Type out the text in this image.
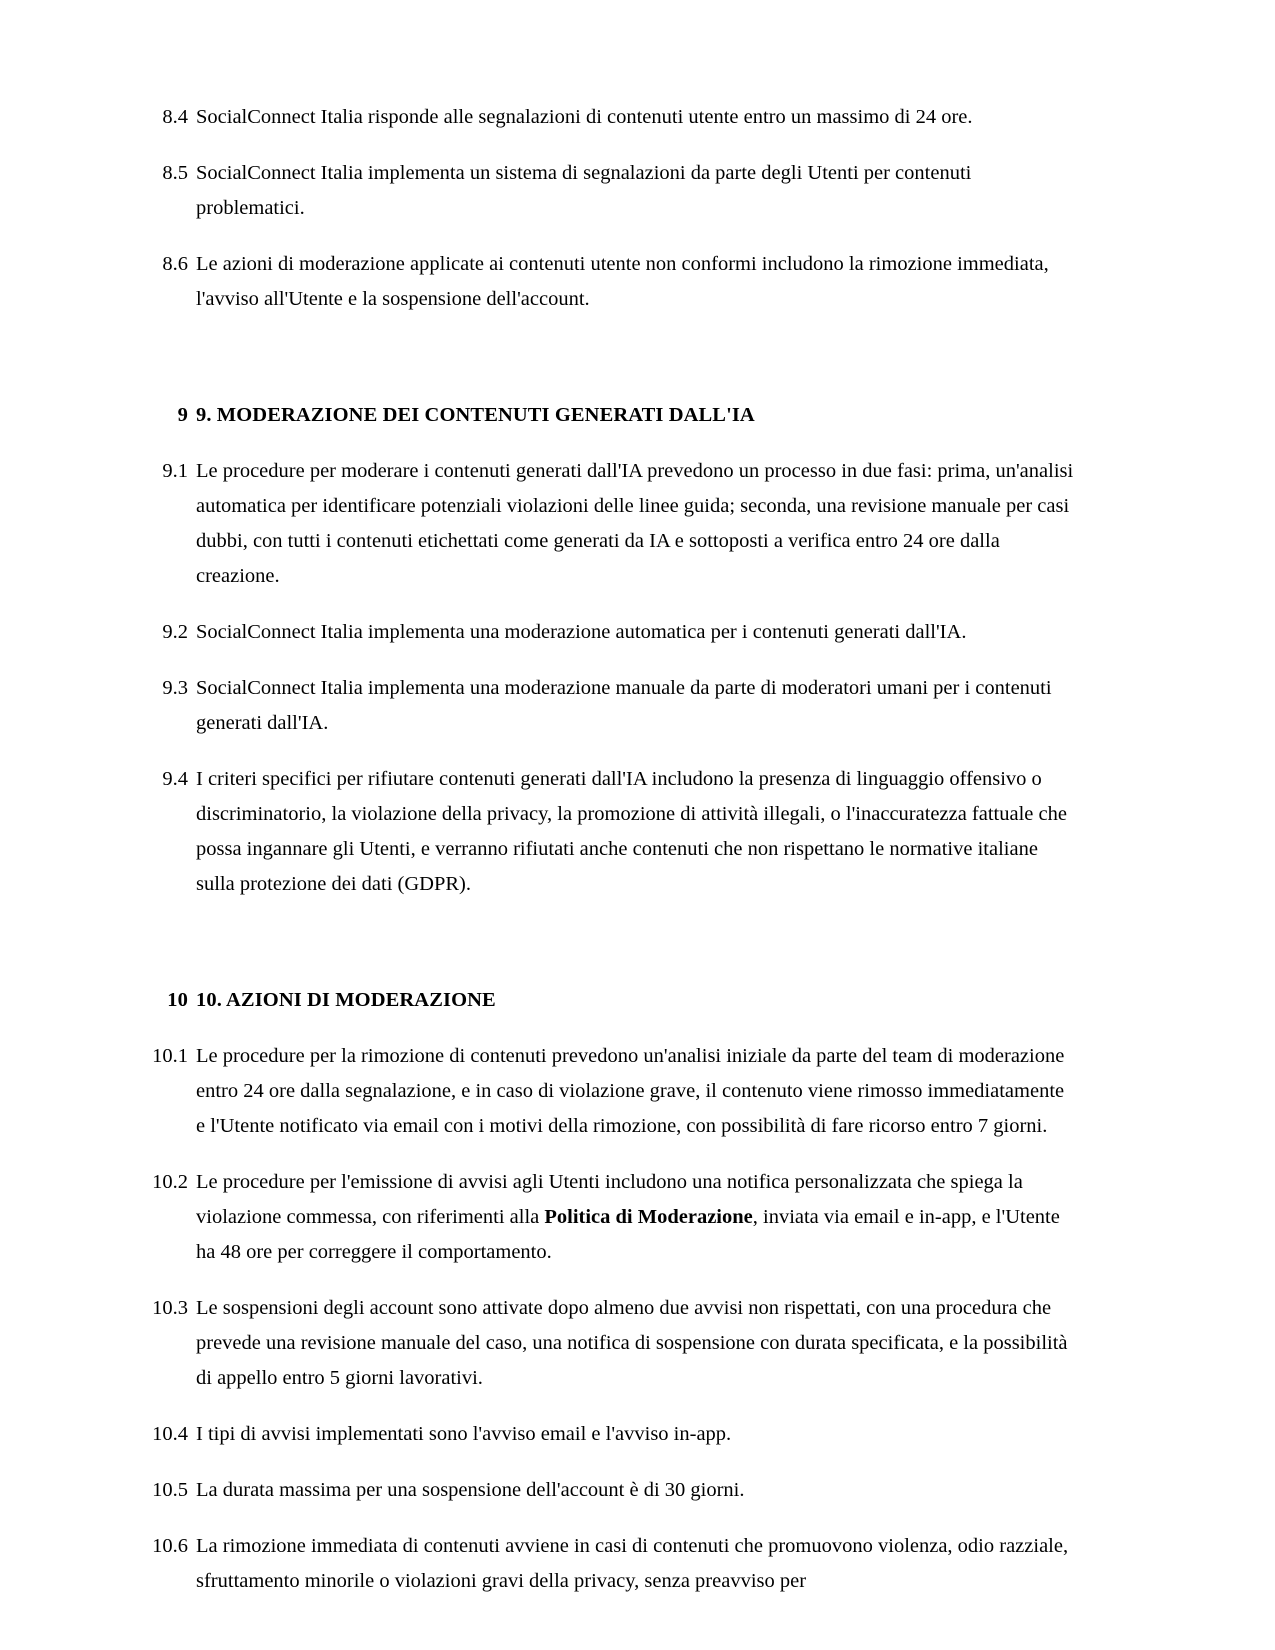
8.4 SocialConnect Italia risponde alle segnalazioni di contenuti utente entro un massimo di 24 ore.
8.5 SocialConnect Italia implementa un sistema di segnalazioni da parte degli Utenti per contenuti problematici.
8.6 Le azioni di moderazione applicate ai contenuti utente non conformi includono la rimozione immediata, l'avviso all'Utente e la sospensione dell'account.
9 9. MODERAZIONE DEI CONTENUTI GENERATI DALL'IA
9.1 Le procedure per moderare i contenuti generati dall'IA prevedono un processo in due fasi: prima, un'analisi automatica per identificare potenziali violazioni delle linee guida; seconda, una revisione manuale per casi dubbi, con tutti i contenuti etichettati come generati da IA e sottoposti a verifica entro 24 ore dalla creazione.
9.2 SocialConnect Italia implementa una moderazione automatica per i contenuti generati dall'IA.
9.3 SocialConnect Italia implementa una moderazione manuale da parte di moderatori umani per i contenuti generati dall'IA.
9.4 I criteri specifici per rifiutare contenuti generati dall'IA includono la presenza di linguaggio offensivo o discriminatorio, la violazione della privacy, la promozione di attività illegali, o l'inaccuratezza fattuale che possa ingannare gli Utenti, e verranno rifiutati anche contenuti che non rispettano le normative italiane sulla protezione dei dati (GDPR).
10 10. AZIONI DI MODERAZIONE
10.1 Le procedure per la rimozione di contenuti prevedono un'analisi iniziale da parte del team di moderazione entro 24 ore dalla segnalazione, e in caso di violazione grave, il contenuto viene rimosso immediatamente e l'Utente notificato via email con i motivi della rimozione, con possibilità di fare ricorso entro 7 giorni.
10.2 Le procedure per l'emissione di avvisi agli Utenti includono una notifica personalizzata che spiega la violazione commessa, con riferimenti alla Politica di Moderazione, inviata via email e in-app, e l'Utente ha 48 ore per correggere il comportamento.
10.3 Le sospensioni degli account sono attivate dopo almeno due avvisi non rispettati, con una procedura che prevede una revisione manuale del caso, una notifica di sospensione con durata specificata, e la possibilità di appello entro 5 giorni lavorativi.
10.4 I tipi di avvisi implementati sono l'avviso email e l'avviso in-app.
10.5 La durata massima per una sospensione dell'account è di 30 giorni.
10.6 La rimozione immediata di contenuti avviene in casi di contenuti che promuovono violenza, odio razziale, sfruttamento minorile o violazioni gravi della privacy, senza preavviso per
